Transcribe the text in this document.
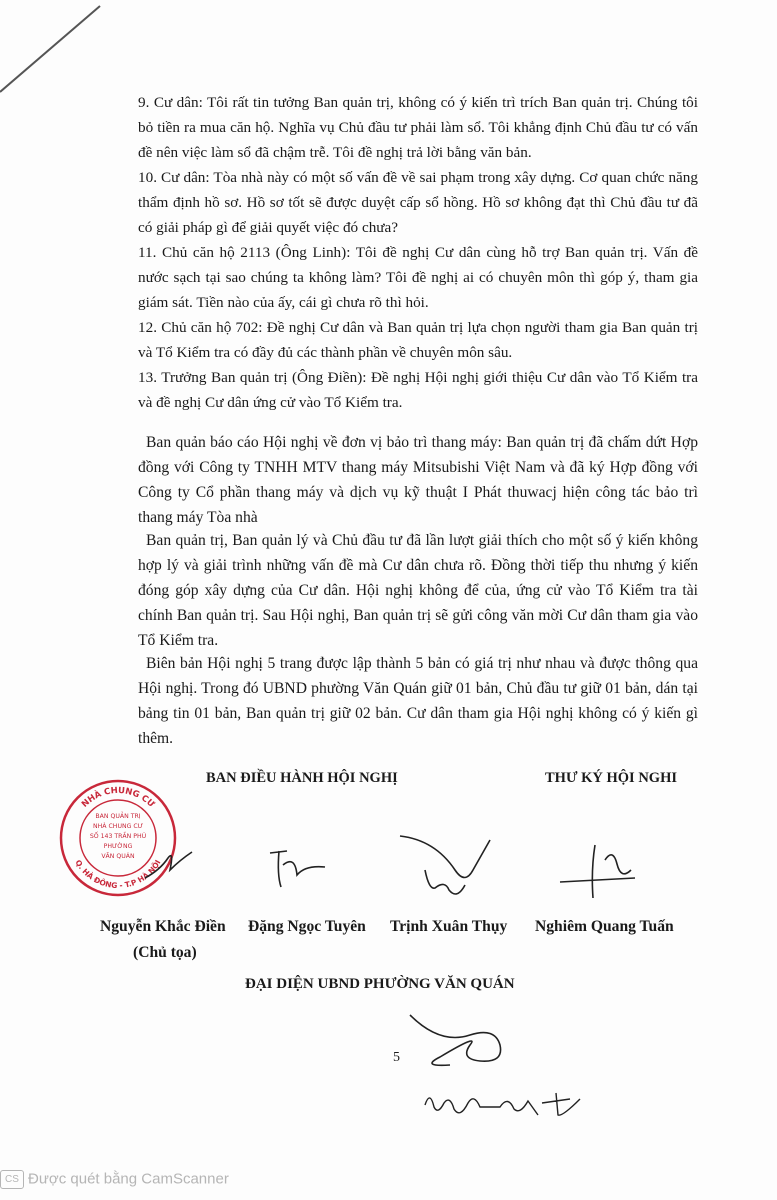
9. Cư dân: Tôi rất tin tưởng Ban quản trị, không có ý kiến trì trích Ban quản trị. Chúng tôi bỏ tiền ra mua căn hộ. Nghĩa vụ Chủ đầu tư phải làm sổ. Tôi khẳng định Chủ đầu tư có vấn đề nên việc làm sổ đã chậm trễ. Tôi đề nghị trả lời bằng văn bản.

10. Cư dân: Tòa nhà này có một số vấn đề về sai phạm trong xây dựng. Cơ quan chức năng thẩm định hồ sơ. Hồ sơ tốt sẽ được duyệt cấp sổ hồng. Hồ sơ không đạt thì Chủ đầu tư đã có giải pháp gì để giải quyết việc đó chưa?

11. Chủ căn hộ 2113 (Ông Linh): Tôi đề nghị Cư dân cùng hỗ trợ Ban quản trị. Vấn đề nước sạch tại sao chúng ta không làm? Tôi đề nghị ai có chuyên môn thì góp ý, tham gia giám sát. Tiền nào của ấy, cái gì chưa rõ thì hỏi.

12. Chủ căn hộ 702: Đề nghị Cư dân và Ban quản trị lựa chọn người tham gia Ban quản trị và Tổ Kiểm tra có đầy đủ các thành phần về chuyên môn sâu.

13. Trưởng Ban quản trị (Ông Điền): Đề nghị Hội nghị giới thiệu Cư dân vào Tổ Kiểm tra và đề nghị Cư dân ứng cử vào Tổ Kiểm tra.

Ban quản báo cáo Hội nghị về đơn vị bảo trì thang máy: Ban quản trị đã chấm dứt Hợp đồng với Công ty TNHH MTV thang máy Mitsubishi Việt Nam và đã ký Hợp đồng với Công ty Cổ phần thang máy và dịch vụ kỹ thuật I Phát thuwacj hiện công tác bảo trì thang máy Tòa nhà

Ban quản trị, Ban quản lý và Chủ đầu tư đã lần lượt giải thích cho một số ý kiến không hợp lý và giải trình những vấn đề mà Cư dân chưa rõ. Đồng thời tiếp thu nhưng ý kiến đóng góp xây dựng của Cư dân. Hội nghị không để của, ứng cử vào Tổ Kiểm tra tài chính Ban quản trị. Sau Hội nghị, Ban quản trị sẽ gửi công văn mời Cư dân tham gia vào Tổ Kiểm tra.

Biên bản Hội nghị 5 trang được lập thành 5 bản có giá trị như nhau và được thông qua Hội nghị. Trong đó UBND phường Văn Quán giữ 01 bản, Chủ đầu tư giữ 01 bản, dán tại bảng tin 01 bản, Ban quản trị giữ 02 bản. Cư dân tham gia Hội nghị không có ý kiến gì thêm.

BAN ĐIỀU HÀNH HỘI NGHỊ	THƯ KÝ HỘI NGHI
NHÀ CHUNG CƯ
Q. HÀ ĐÔNG - T.P HÀ NỘI
BAN QUẢN TRỊ
NHÀ CHUNG CƯ
SỐ 143 TRẦN PHÚ
PHƯỜNG
VĂN QUÁN
Nguyễn Khắc Điền Đặng Ngọc Tuyên Trịnh Xuân Thụy Nghiêm Quang Tuấn
(Chủ tọa)
ĐẠI DIỆN UBND PHƯỜNG VĂN QUÁN
5
CS Được quét bằng CamScanner
